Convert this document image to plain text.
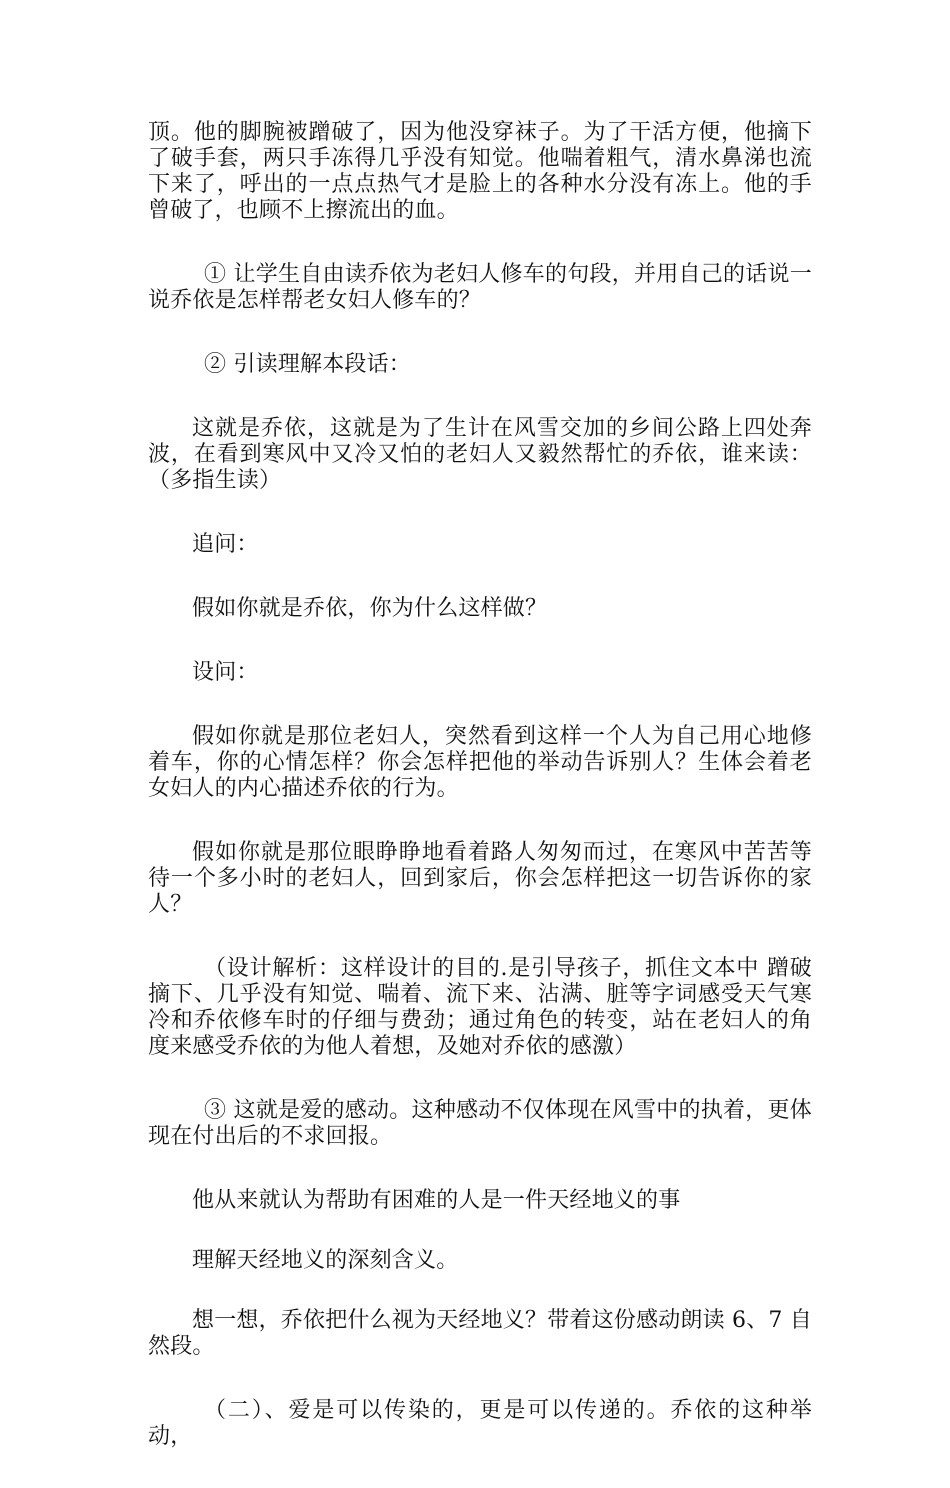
顶。他的脚腕被蹭破了，因为他没穿袜子。为了干活方便，他摘下了破手套，两只手冻得几乎没有知觉。他喘着粗气，清水鼻涕也流下来了，呼出的一点点热气才是脸上的各种水分没有冻上。他的手曾破了，也顾不上擦流出的血。

① 让学生自由读乔依为老妇人修车的句段，并用自己的话说一说乔依是怎样帮老女妇人修车的？

② 引读理解本段话：

这就是乔依，这就是为了生计在风雪交加的乡间公路上四处奔波，在看到寒风中又冷又怕的老妇人又毅然帮忙的乔依，谁来读：（多指生读）

追问：

假如你就是乔依，你为什么这样做？

设问：

假如你就是那位老妇人，突然看到这样一个人为自己用心地修着车，你的心情怎样？你会怎样把他的举动告诉别人？生体会着老女妇人的内心描述乔依的行为。

假如你就是那位眼睁睁地看着路人匆匆而过，在寒风中苦苦等待一个多小时的老妇人，回到家后，你会怎样把这一切告诉你的家人？

（设计解析：这样设计的目的.是引导孩子，抓住文本中 蹭破 摘下、几乎没有知觉、喘着、流下来、沾满、脏等字词感受天气寒冷和乔依修车时的仔细与费劲；通过角色的转变，站在老妇人的角度来感受乔依的为他人着想，及她对乔依的感激）

③ 这就是爱的感动。这种感动不仅体现在风雪中的执着，更体现在付出后的不求回报。

他从来就认为帮助有困难的人是一件天经地义的事

理解天经地义的深刻含义。

想一想，乔依把什么视为天经地义？带着这份感动朗读 6、7 自然段。

（二）、爱是可以传染的，更是可以传递的。乔依的这种举动，
